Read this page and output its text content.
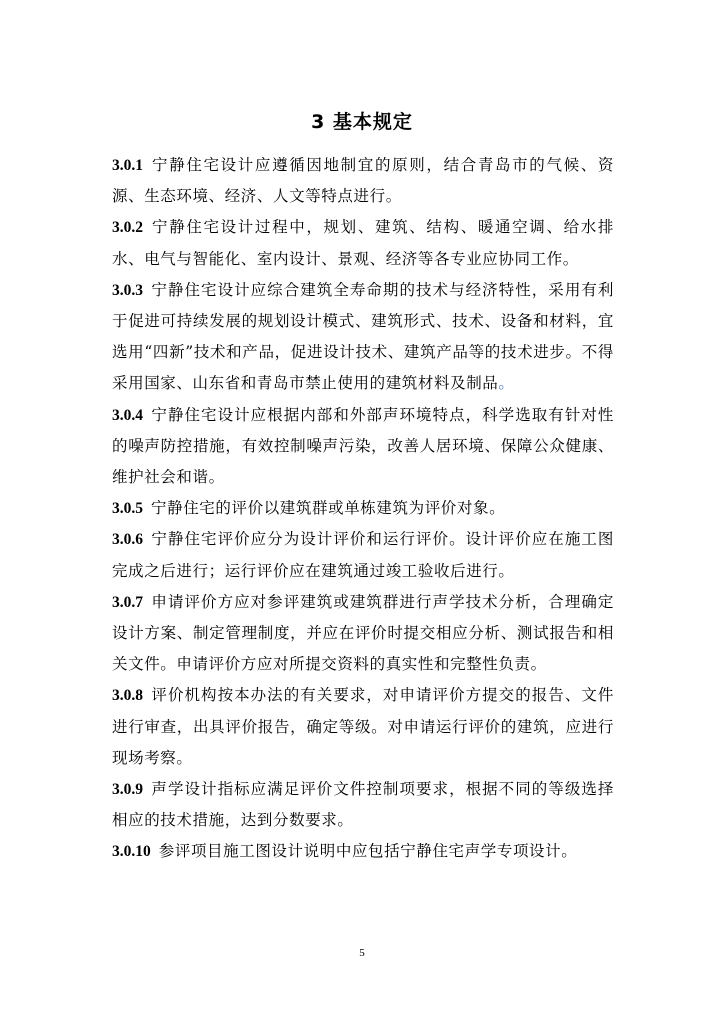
3 基本规定

3.0.1 宁静住宅设计应遵循因地制宜的原则，结合青岛市的气候、资源、生态环境、经济、人文等特点进行。

3.0.2 宁静住宅设计过程中，规划、建筑、结构、暖通空调、给水排水、电气与智能化、室内设计、景观、经济等各专业应协同工作。

3.0.3 宁静住宅设计应综合建筑全寿命期的技术与经济特性，采用有利于促进可持续发展的规划设计模式、建筑形式、技术、设备和材料，宜选用“四新”技术和产品，促进设计技术、建筑产品等的技术进步。不得采用国家、山东省和青岛市禁止使用的建筑材料及制品。

3.0.4 宁静住宅设计应根据内部和外部声环境特点，科学选取有针对性的噪声防控措施，有效控制噪声污染，改善人居环境、保障公众健康、维护社会和谐。

3.0.5 宁静住宅的评价以建筑群或单栋建筑为评价对象。

3.0.6 宁静住宅评价应分为设计评价和运行评价。设计评价应在施工图完成之后进行；运行评价应在建筑通过竣工验收后进行。

3.0.7 申请评价方应对参评建筑或建筑群进行声学技术分析，合理确定设计方案、制定管理制度，并应在评价时提交相应分析、测试报告和相关文件。申请评价方应对所提交资料的真实性和完整性负责。

3.0.8 评价机构按本办法的有关要求，对申请评价方提交的报告、文件进行审查，出具评价报告，确定等级。对申请运行评价的建筑，应进行现场考察。

3.0.9 声学设计指标应满足评价文件控制项要求，根据不同的等级选择相应的技术措施，达到分数要求。

3.0.10 参评项目施工图设计说明中应包括宁静住宅声学专项设计。

5
